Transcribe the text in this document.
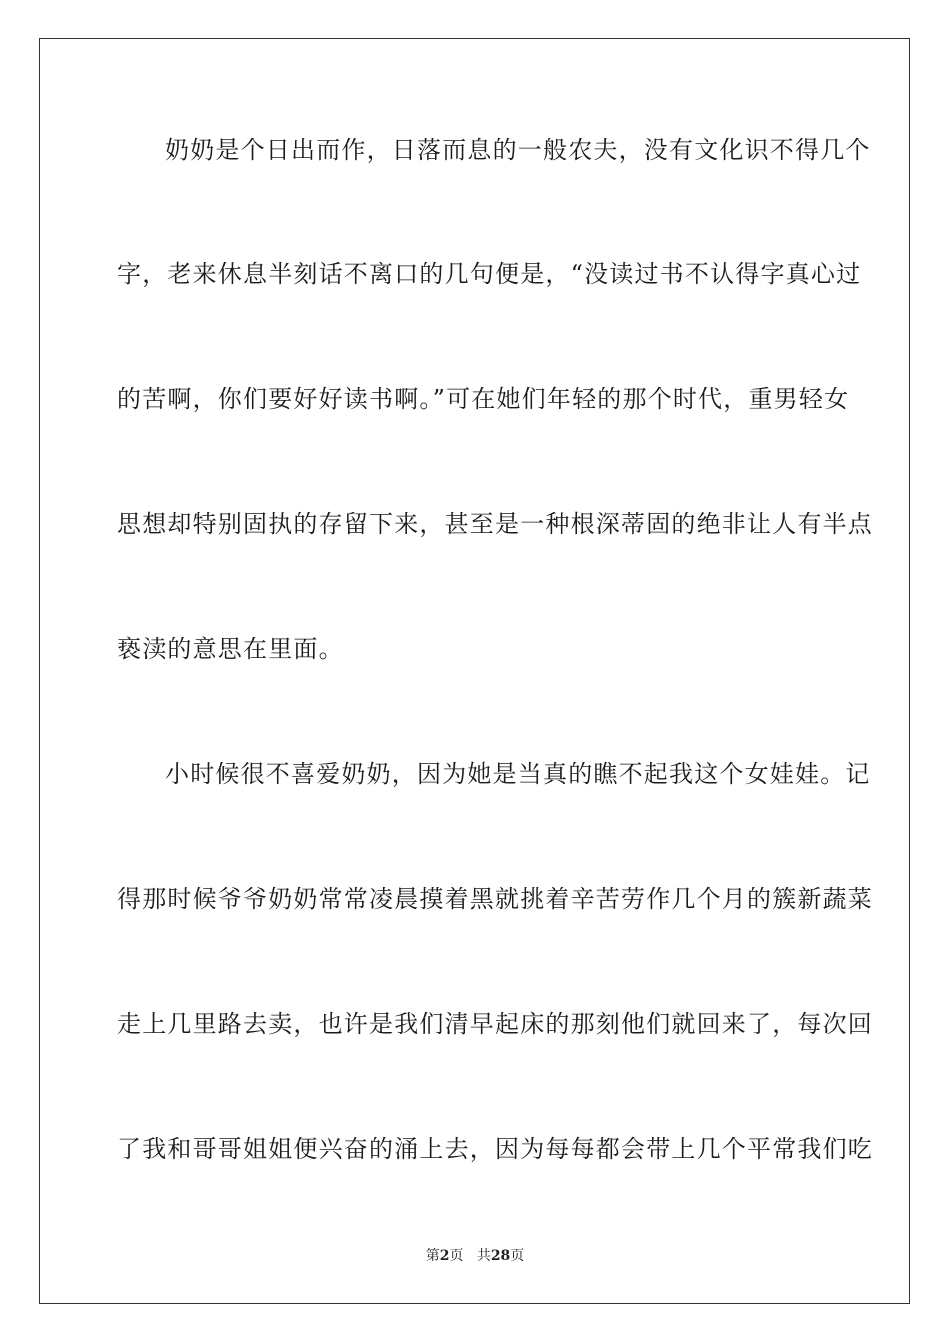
奶奶是个日出而作，日落而息的一般农夫，没有文化识不得几个
字，老来休息半刻话不离口的几句便是，“没读过书不认得字真心过
的苦啊，你们要好好读书啊。”可在她们年轻的那个时代，重男轻女
思想却特别固执的存留下来，甚至是一种根深蒂固的绝非让人有半点
亵渎的意思在里面。
小时候很不喜爱奶奶，因为她是当真的瞧不起我这个女娃娃。记
得那时候爷爷奶奶常常凌晨摸着黑就挑着辛苦劳作几个月的簇新蔬菜
走上几里路去卖，也许是我们清早起床的那刻他们就回来了，每次回
了我和哥哥姐姐便兴奋的涌上去，因为每每都会带上几个平常我们吃
第2页 共28页
